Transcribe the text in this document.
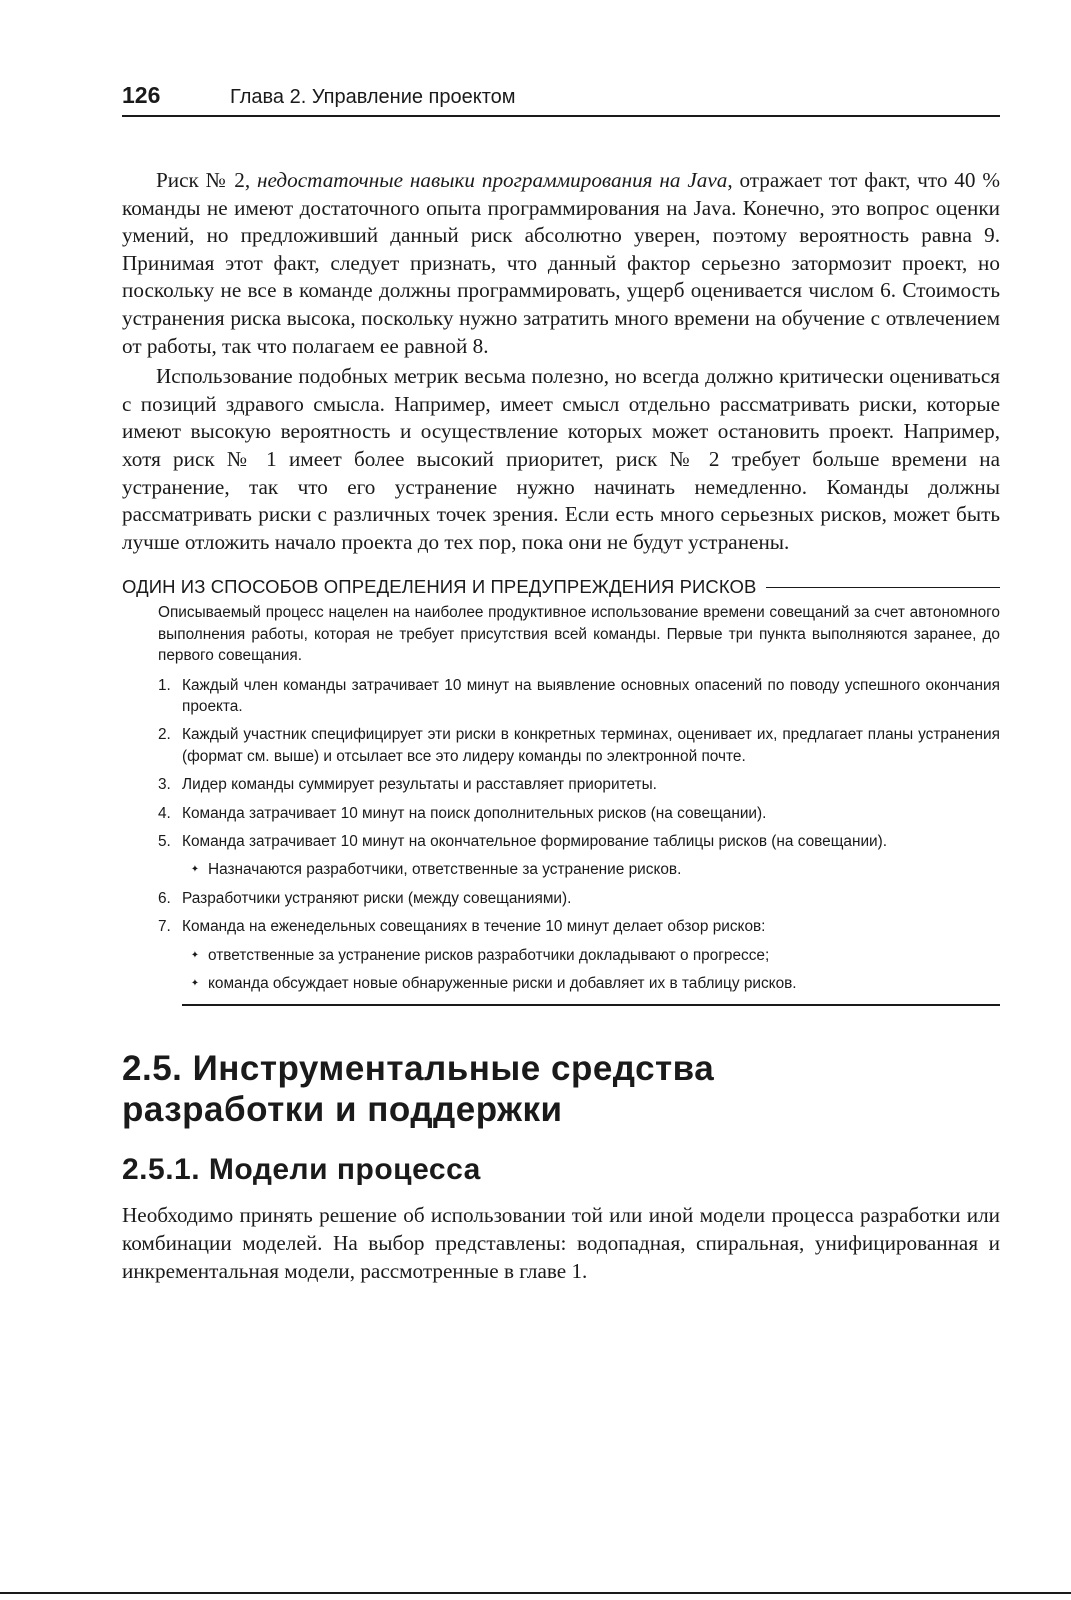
126	Глава 2. Управление проектом

Риск № 2, недостаточные навыки программирования на Java, отражает тот факт, что 40 % команды не имеют достаточного опыта программирования на Java. Конечно, это вопрос оценки умений, но предложивший данный риск абсолютно уверен, поэтому вероятность равна 9. Принимая этот факт, следует признать, что данный фактор серьезно затормозит проект, но поскольку не все в команде должны программировать, ущерб оценивается числом 6. Стоимость устранения риска высока, поскольку нужно затратить много времени на обучение с отвлечением от работы, так что полагаем ее равной 8.

Использование подобных метрик весьма полезно, но всегда должно критически оцениваться с позиций здравого смысла. Например, имеет смысл отдельно рассматривать риски, которые имеют высокую вероятность и осуществление которых может остановить проект. Например, хотя риск № 1 имеет более высокий приоритет, риск № 2 требует больше времени на устранение, так что его устранение нужно начинать немедленно. Команды должны рассматривать риски с различных точек зрения. Если есть много серьезных рисков, может быть лучше отложить начало проекта до тех пор, пока они не будут устранены.

ОДИН ИЗ СПОСОБОВ ОПРЕДЕЛЕНИЯ И ПРЕДУПРЕЖДЕНИЯ РИСКОВ

Описываемый процесс нацелен на наиболее продуктивное использование времени совещаний за счет автономного выполнения работы, которая не требует присутствия всей команды. Первые три пункта выполняются заранее, до первого совещания.

1. Каждый член команды затрачивает 10 минут на выявление основных опасений по поводу успешного окончания проекта.
2. Каждый участник специфицирует эти риски в конкретных терминах, оценивает их, предлагает планы устранения (формат см. выше) и отсылает все это лидеру команды по электронной почте.
3. Лидер команды суммирует результаты и расставляет приоритеты.
4. Команда затрачивает 10 минут на поиск дополнительных рисков (на совещании).
5. Команда затрачивает 10 минут на окончательное формирование таблицы рисков (на совещании).
✦ Назначаются разработчики, ответственные за устранение рисков.
6. Разработчики устраняют риски (между совещаниями).
7. Команда на еженедельных совещаниях в течение 10 минут делает обзор рисков:
✦ ответственные за устранение рисков разработчики докладывают о прогрессе;
✦ команда обсуждает новые обнаруженные риски и добавляет их в таблицу рисков.
2.5. Инструментальные средства
разработки и поддержки
2.5.1. Модели процесса

Необходимо принять решение об использовании той или иной модели процесса разработки или комбинации моделей. На выбор представлены: водопадная, спиральная, унифицированная и инкрементальная модели, рассмотренные в главе 1.
